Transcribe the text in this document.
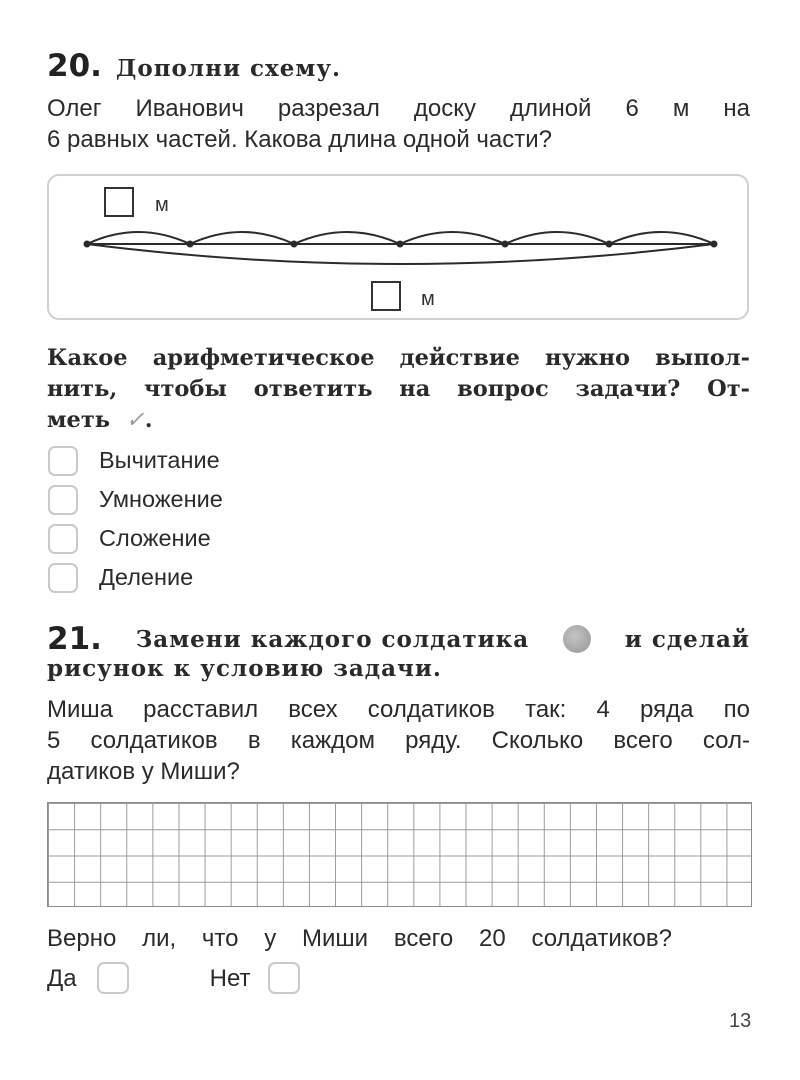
20. Дополни схему.
Олег Иванович разрезал доску длиной 6 м на
6 равных частей. Какова длина одной части?
м
м
Какое арифметическое действие нужно выпол-
нить, чтобы ответить на вопрос задачи? От-
меть ✓.
Вычитание
Умножение
Сложение
Деление
21. Замени каждого солдатика	и сделай
рисунок к условию задачи.
Миша расставил всех солдатиков так: 4 ряда по
5 солдатиков в каждом ряду. Сколько всего сол-
датиков у Миши?
Верно ли, что у Миши всего 20 солдатиков?
Да	Нет
13
